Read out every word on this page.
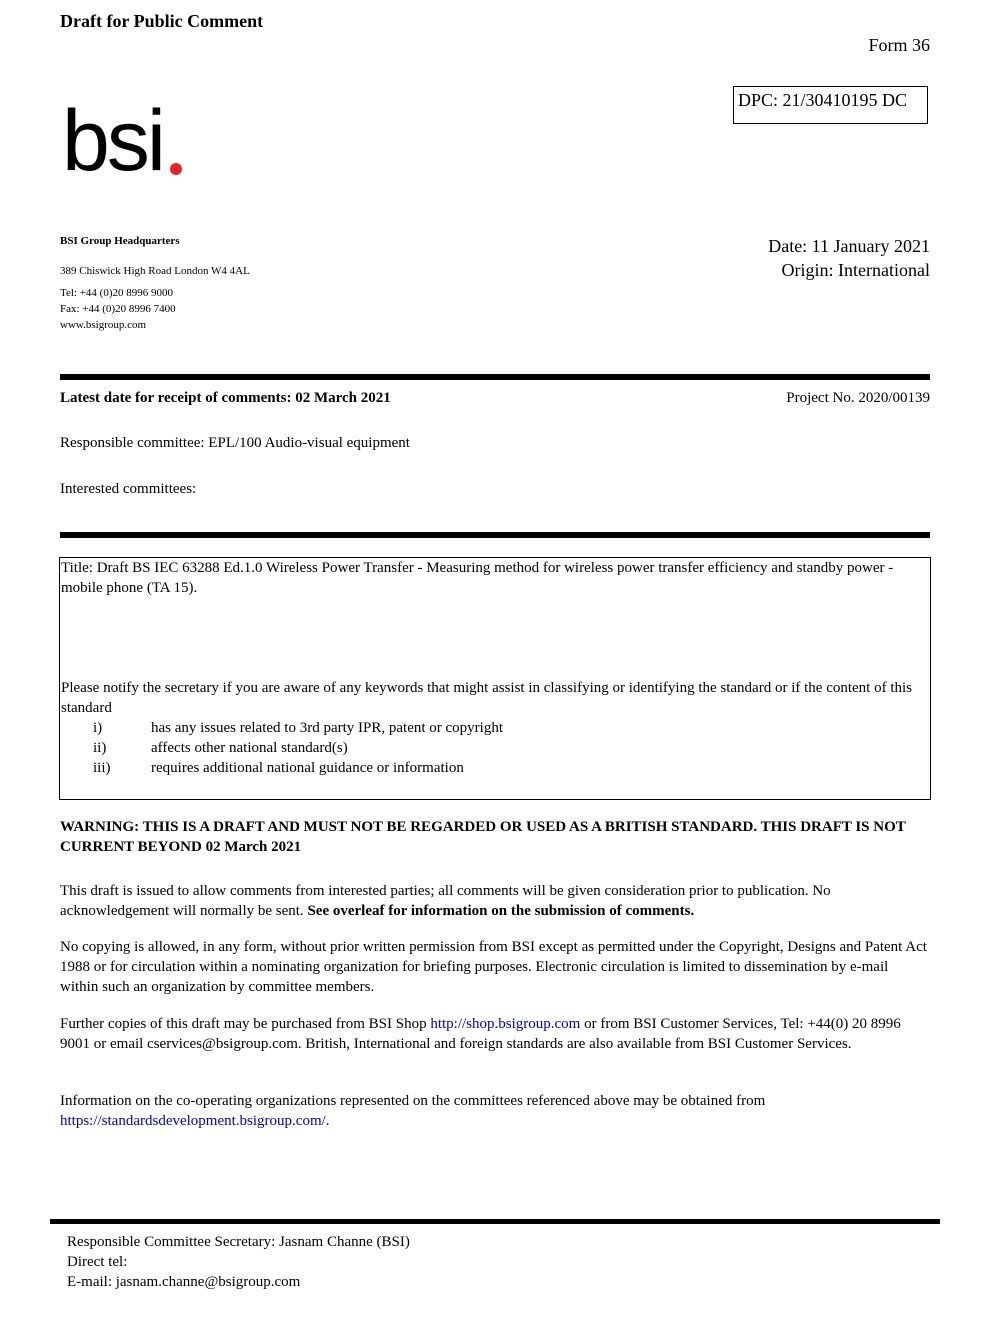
Draft for Public Comment
Form 36
DPC: 21/30410195 DC
bsi
BSI Group Headquarters
389 Chiswick High Road London W4 4AL
Tel: +44 (0)20 8996 9000
Fax: +44 (0)20 8996 7400
www.bsigroup.com
Date: 11 January 2021
Origin: International
Latest date for receipt of comments: 02 March 2021	Project No. 2020/00139
Responsible committee: EPL/100 Audio-visual equipment
Interested committees:
Title: Draft BS IEC 63288 Ed.1.0 Wireless Power Transfer - Measuring method for wireless power transfer efficiency and standby power - mobile phone (TA 15).
Please notify the secretary if you are aware of any keywords that might assist in classifying or identifying the standard or if the content of this standard
i)	has any issues related to 3rd party IPR, patent or copyright
ii)	affects other national standard(s)
iii)	requires additional national guidance or information
WARNING: THIS IS A DRAFT AND MUST NOT BE REGARDED OR USED AS A BRITISH STANDARD. THIS DRAFT IS NOT CURRENT BEYOND 02 March 2021
This draft is issued to allow comments from interested parties; all comments will be given consideration prior to publication. No acknowledgement will normally be sent. See overleaf for information on the submission of comments.
No copying is allowed, in any form, without prior written permission from BSI except as permitted under the Copyright, Designs and Patent Act 1988 or for circulation within a nominating organization for briefing purposes. Electronic circulation is limited to dissemination by e-mail within such an organization by committee members.
Further copies of this draft may be purchased from BSI Shop http://shop.bsigroup.com or from BSI Customer Services, Tel: +44(0) 20 8996 9001 or email cservices@bsigroup.com. British, International and foreign standards are also available from BSI Customer Services.
Information on the co-operating organizations represented on the committees referenced above may be obtained from https://standardsdevelopment.bsigroup.com/.
Responsible Committee Secretary: Jasnam Channe (BSI)
Direct tel:
E-mail: jasnam.channe@bsigroup.com
